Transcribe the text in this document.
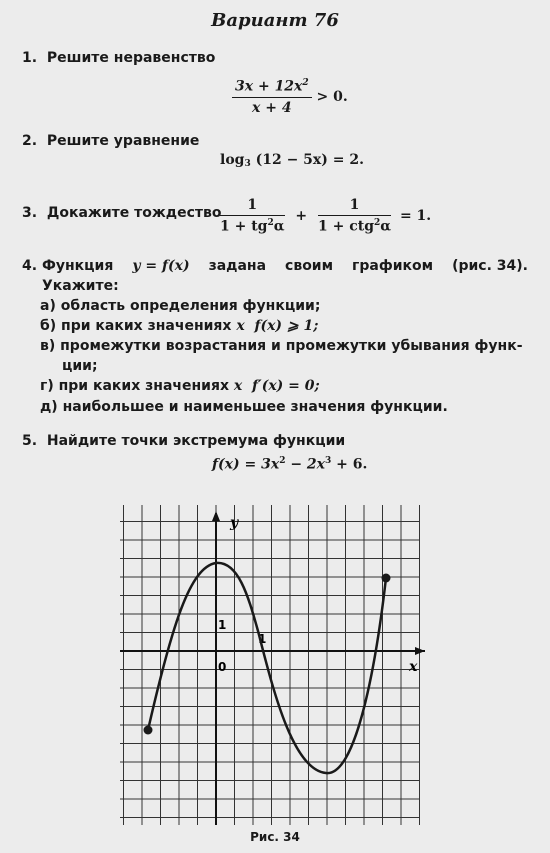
Вариант 76
1. Решите неравенство
$\frac{3x + 12x^2}{x + 4} > 0$.
2. Решите уравнение
$\log_3 (12 - 5x) = 2$.
3. Докажите тождество
$\frac{1}{1 + tg^2\alpha} + \frac{1}{1 + ctg^2\alpha} = 1$.
4. Функция y = f(x) задана своим графиком (рис. 34).
Укажите:
а) область определения функции;
б) при каких значениях x f(x) ⩾ 1;
в) промежутки возрастания и промежутки убывания функ-
ции;
г) при каких значениях x f′(x) = 0;
д) наибольшее и наименьшее значения функции.
5. Найдите точки экстремума функции
$f(x) = 3x^2 - 2x^3 + 6$.
y
x
0
1
1
Рис. 34
